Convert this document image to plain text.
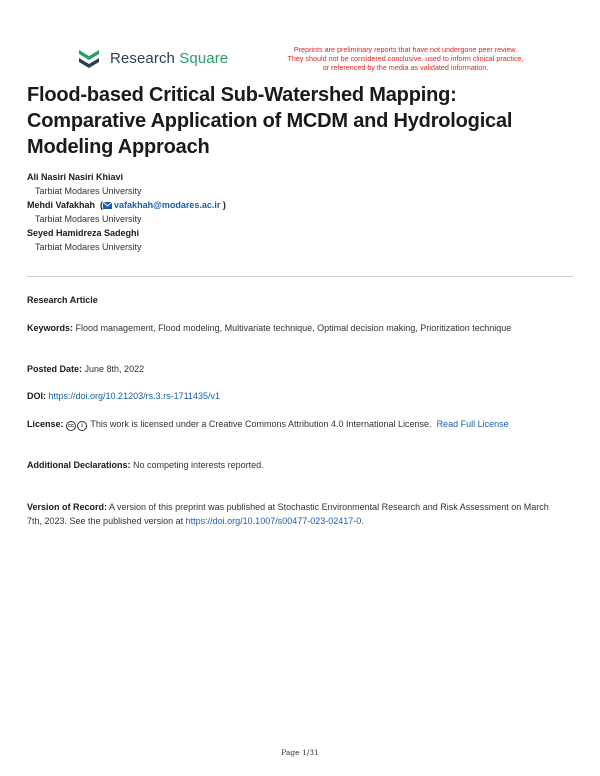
Research Square	Preprints are preliminary reports that have not undergone peer review.
They should not be considered conclusive, used to inform clinical practice,
or referenced by the media as validated information.
Flood-based Critical Sub-Watershed Mapping: Comparative Application of MCDM and Hydrological Modeling Approach
Ali Nasiri Nasiri Khiavi
Tarbiat Modares University
Mehdi Vafakhah  ( vafakhah@modares.ac.ir )
Tarbiat Modares University
Seyed Hamidreza Sadeghi
Tarbiat Modares University
Research Article
Keywords: Flood management, Flood modeling, Multivariate technique, Optimal decision making, Prioritization technique
Posted Date: June 8th, 2022
DOI: https://doi.org/10.21203/rs.3.rs-1711435/v1
License: cc i This work is licensed under a Creative Commons Attribution 4.0 International License. Read Full License
Additional Declarations: No competing interests reported.
Version of Record: A version of this preprint was published at Stochastic Environmental Research and Risk Assessment on March 7th, 2023. See the published version at https://doi.org/10.1007/s00477-023-02417-0.
Page 1/31
